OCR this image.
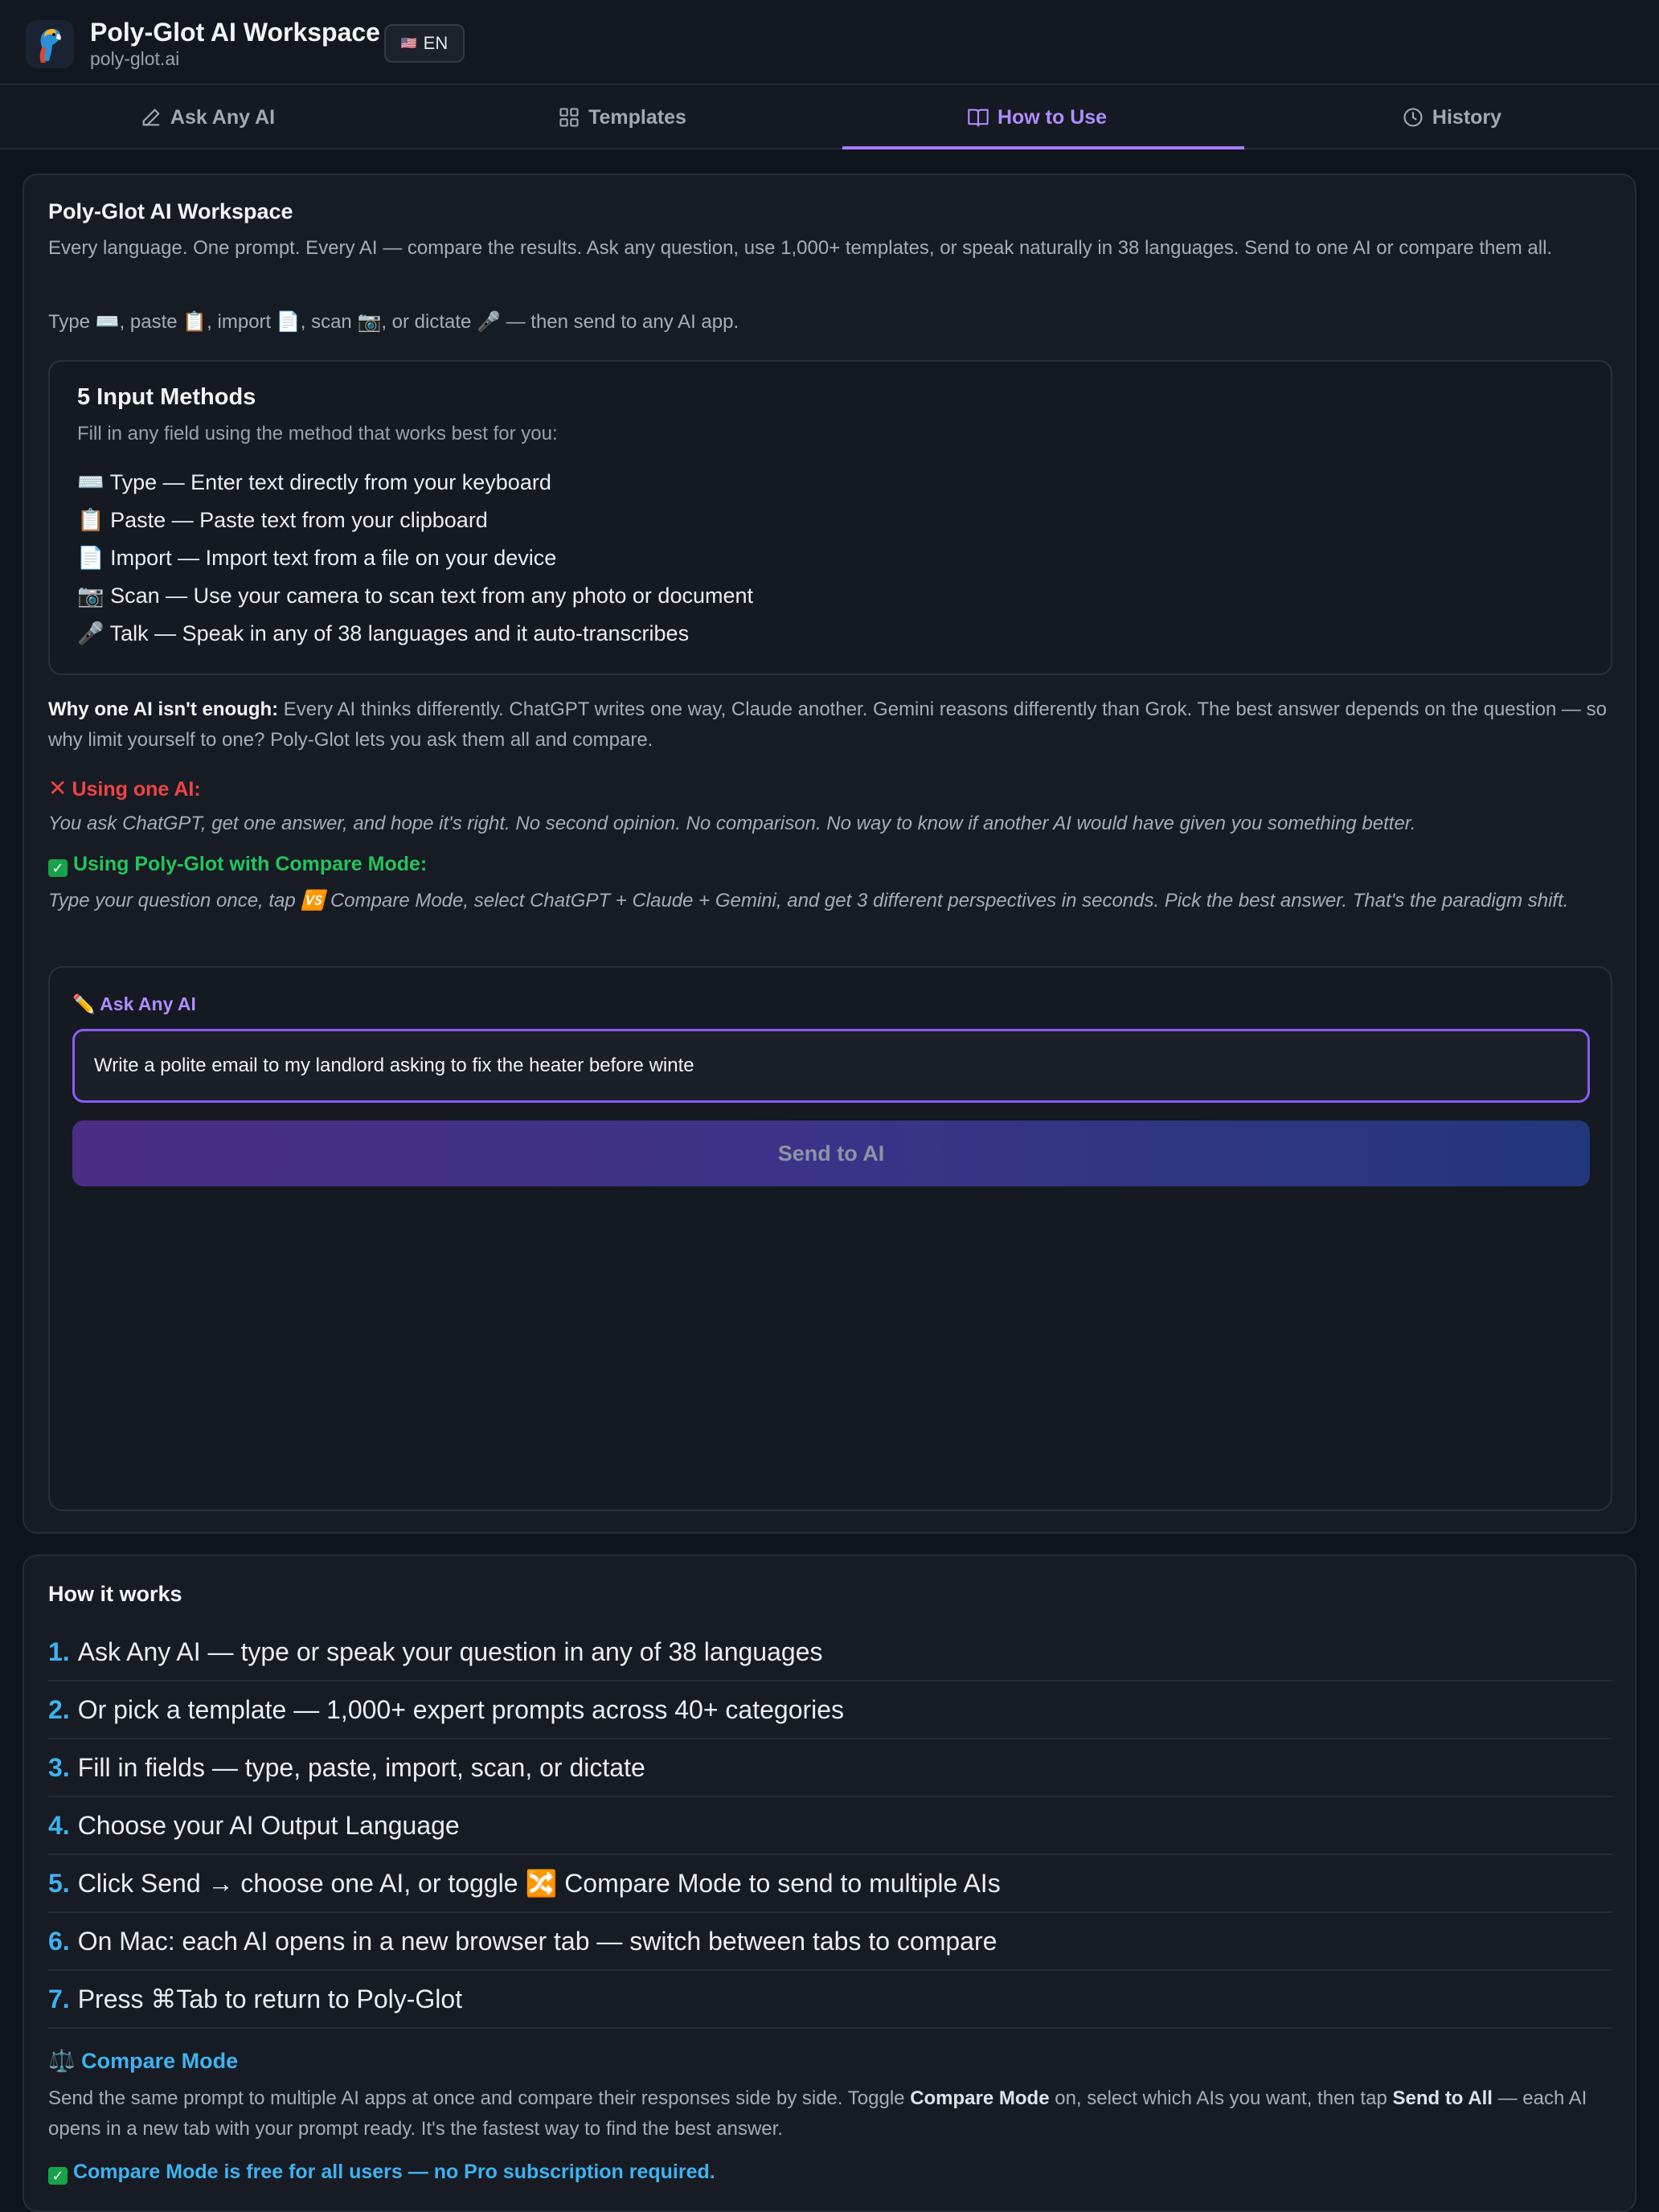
Poly-Glot AI Workspace
poly-glot.ai
🇺🇸 EN
Ask Any AI	Templates	How to Use	History
Poly-Glot AI Workspace
Every language. One prompt. Every AI — compare the results. Ask any question, use 1,000+ templates, or speak naturally in 38 languages. Send to one AI or compare them all.
Type ⌨️, paste 📋, import 📄, scan 📷, or dictate 🎤 — then send to any AI app.
5 Input Methods
Fill in any field using the method that works best for you:
⌨️ Type — Enter text directly from your keyboard
📋 Paste — Paste text from your clipboard
📄 Import — Import text from a file on your device
📷 Scan — Use your camera to scan text from any photo or document
🎤 Talk — Speak in any of 38 languages and it auto-transcribes
Why one AI isn't enough: Every AI thinks differently. ChatGPT writes one way, Claude another. Gemini reasons differently than Grok. The best answer depends on the question — so why limit yourself to one? Poly-Glot lets you ask them all and compare.
✕ Using one AI:
You ask ChatGPT, get one answer, and hope it's right. No second opinion. No comparison. No way to know if another AI would have given you something better.
✓ Using Poly-Glot with Compare Mode:
Type your question once, tap 🆚 Compare Mode, select ChatGPT + Claude + Gemini, and get 3 different perspectives in seconds. Pick the best answer. That's the paradigm shift.
✏️ Ask Any AI
Write a polite email to my landlord asking to fix the heater before winte
Send to AI
How it works
1. Ask Any AI — type or speak your question in any of 38 languages
2. Or pick a template — 1,000+ expert prompts across 40+ categories
3. Fill in fields — type, paste, import, scan, or dictate
4. Choose your AI Output Language
5. Click Send → choose one AI, or toggle 🔀 Compare Mode to send to multiple AIs
6. On Mac: each AI opens in a new browser tab — switch between tabs to compare
7. Press ⌘Tab to return to Poly-Glot
⚖️ Compare Mode
Send the same prompt to multiple AI apps at once and compare their responses side by side. Toggle Compare Mode on, select which AIs you want, then tap Send to All — each AI opens in a new tab with your prompt ready. It's the fastest way to find the best answer.
✓ Compare Mode is free for all users — no Pro subscription required.
